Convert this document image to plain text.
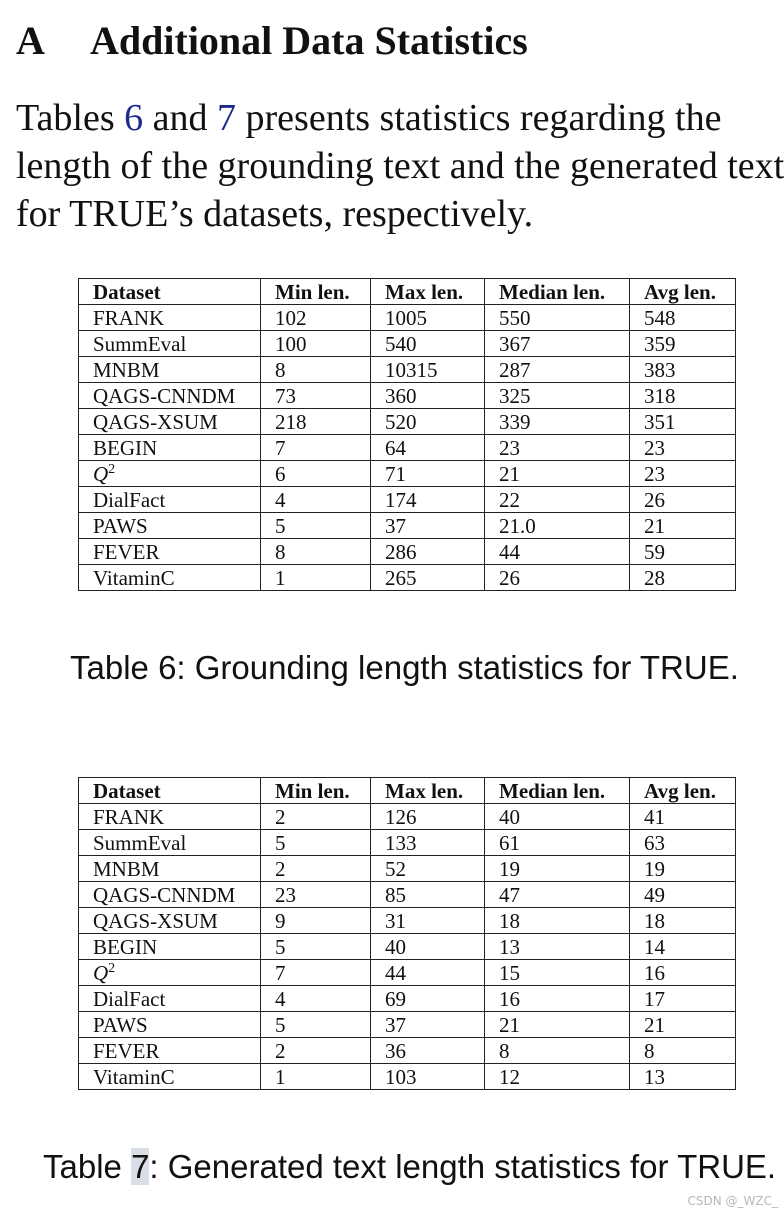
A Additional Data Statistics

Tables 6 and 7 presents statistics regarding the
length of the grounding text and the generated text
for TRUE’s datasets, respectively.

Dataset	Min len.	Max len.	Median len.	Avg len.
FRANK	102	1005	550	548
SummEval	100	540	367	359
MNBM	8	10315	287	383
QAGS-CNNDM	73	360	325	318
QAGS-XSUM	218	520	339	351
BEGIN	7	64	23	23
$Q^2$	6	71	21	23
DialFact	4	174	22	26
PAWS	5	37	21.0	21
FEVER	8	286	44	59
VitaminC	1	265	26	28

Table 6: Grounding length statistics for TRUE.

Dataset	Min len.	Max len.	Median len.	Avg len.
FRANK	2	126	40	41
SummEval	5	133	61	63
MNBM	2	52	19	19
QAGS-CNNDM	23	85	47	49
QAGS-XSUM	9	31	18	18
BEGIN	5	40	13	14
$Q^2$	7	44	15	16
DialFact	4	69	16	17
PAWS	5	37	21	21
FEVER	2	36	8	8
VitaminC	1	103	12	13

Table 7: Generated text length statistics for TRUE.

CSDN @_WZC_
